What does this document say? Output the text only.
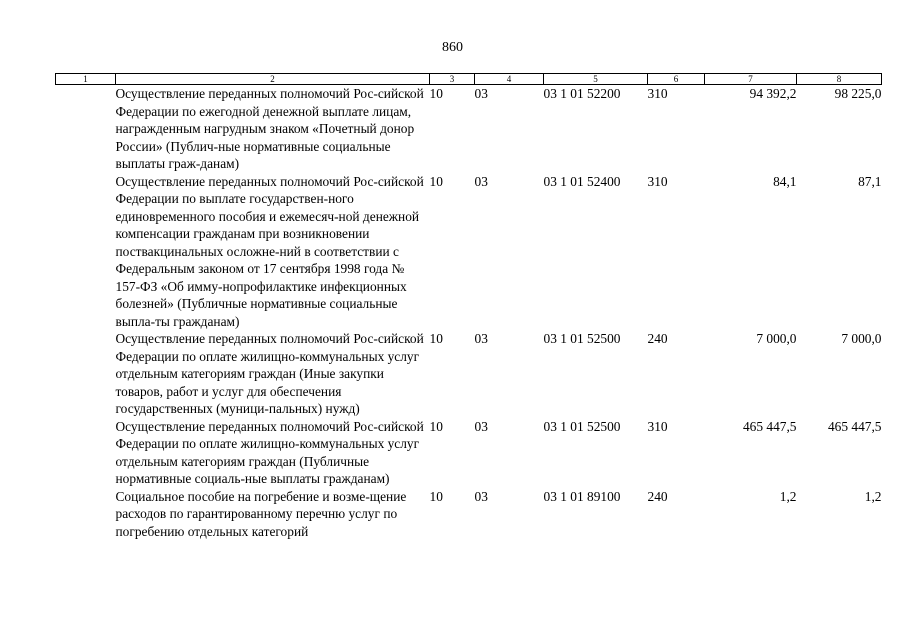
860
1	2	3	4	5	6	7	8
	Осуществление переданных полномочий Рос-сийской Федерации по ежегодной денежной выплате лицам, награжденным нагрудным знаком «Почетный донор России» (Публич-ные нормативные социальные выплаты граж-данам)	10	03	03 1 01 52200	310	94 392,2	98 225,0
	Осуществление переданных полномочий Рос-сийской Федерации по выплате государствен-ного единовременного пособия и ежемесяч-ной денежной компенсации гражданам при возникновении поствакцинальных осложне-ний в соответствии с Федеральным законом от 17 сентября 1998 года № 157-ФЗ «Об имму-нопрофилактике инфекционных болезней» (Публичные нормативные социальные выпла-ты гражданам)	10	03	03 1 01 52400	310	84,1	87,1
	Осуществление переданных полномочий Рос-сийской Федерации по оплате жилищно-коммунальных услуг отдельным категориям граждан (Иные закупки товаров, работ и услуг для обеспечения государственных (муници-пальных) нужд)	10	03	03 1 01 52500	240	7 000,0	7 000,0
	Осуществление переданных полномочий Рос-сийской Федерации по оплате жилищно-коммунальных услуг отдельным категориям граждан (Публичные нормативные социаль-ные выплаты гражданам)	10	03	03 1 01 52500	310	465 447,5	465 447,5
	Социальное пособие на погребение и возме-щение расходов по гарантированному перечню услуг по погребению отдельных категорий	10	03	03 1 01 89100	240	1,2	1,2
